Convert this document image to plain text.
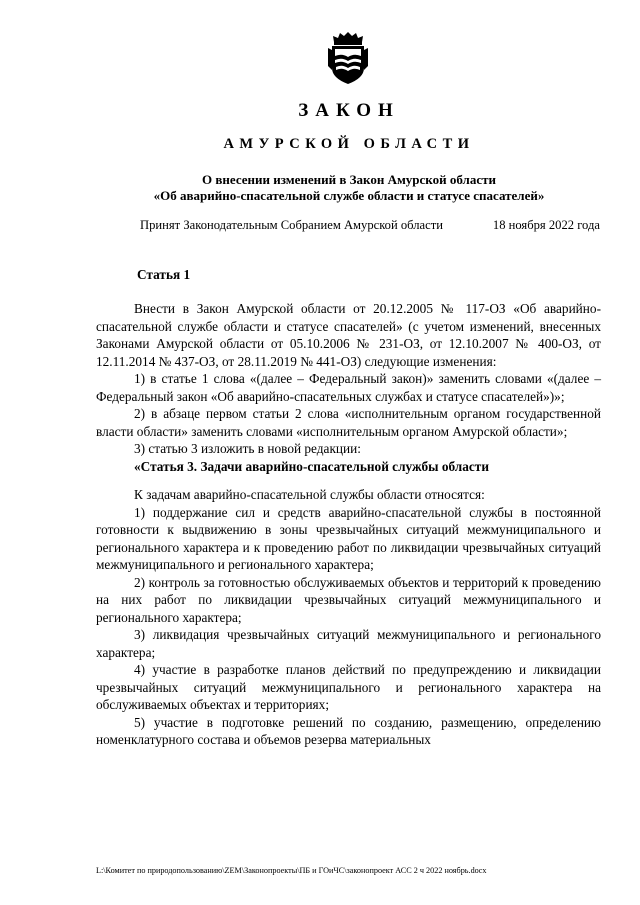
ЗАКОН
АМУРСКОЙ ОБЛАСТИ
О внесении изменений в Закон Амурской области
«Об аварийно-спасательной службе области и статусе спасателей»
Принят Законодательным Собранием Амурской области	18 ноября 2022 года
Статья 1

Внести в Закон Амурской области от 20.12.2005 № 117-ОЗ «Об аварийно-спасательной службе области и статусе спасателей» (с учетом изменений, внесенных Законами Амурской области от 05.10.2006 № 231-ОЗ, от 12.10.2007 № 400-ОЗ, от 12.11.2014 № 437-ОЗ, от 28.11.2019 № 441-ОЗ) следующие изменения:

1) в статье 1 слова «(далее – Федеральный закон)» заменить словами «(далее – Федеральный закон «Об аварийно-спасательных службах и статусе спасателей»)»;

2) в абзаце первом статьи 2 слова «исполнительным органом государственной власти области» заменить словами «исполнительным органом Амурской области»;

3) статью 3 изложить в новой редакции:

«Статья 3. Задачи аварийно-спасательной службы области

К задачам аварийно-спасательной службы области относятся:

1) поддержание сил и средств аварийно-спасательной службы в постоянной готовности к выдвижению в зоны чрезвычайных ситуаций межмуниципального и регионального характера и к проведению работ по ликвидации чрезвычайных ситуаций межмуниципального и регионального характера;

2) контроль за готовностью обслуживаемых объектов и территорий к проведению на них работ по ликвидации чрезвычайных ситуаций межмуниципального и регионального характера;

3) ликвидация чрезвычайных ситуаций межмуниципального и регионального характера;

4) участие в разработке планов действий по предупреждению и ликвидации чрезвычайных ситуаций межмуниципального и регионального характера на обслуживаемых объектах и территориях;

5) участие в подготовке решений по созданию, размещению, определению номенклатурного состава и объемов резерва материальных

L:\Комитет по природопользованию\ZEM\Законопроекты\ПБ и ГОиЧС\законопроект АСС 2 ч 2022 ноябрь.docx
